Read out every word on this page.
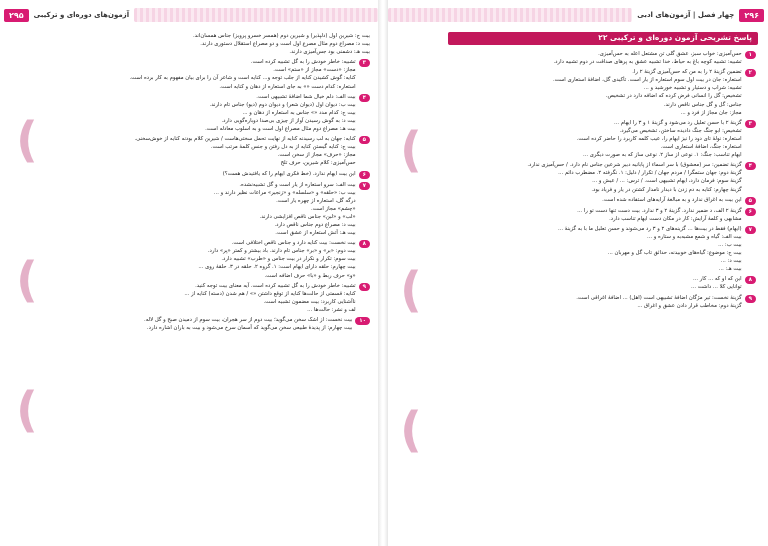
۲۹۵	آزمون‌های دوره‌ای و ترکیبی
(
(
(
بیت ج: شیرین اول (دلپذیر) و شیرین دوم (همسر خسرو پرویز) جناس همسان‌اند.
بیت د: مصراع دوم مثال مصرع اول است و دو مصراع استقلال دستوری دارند.
بیت هـ: دشمنی بود جس‌آمیزی دارند.
۳
تشبیه: خاطر خودش را به گل تشبیه کرده است.
مجاز: «دست» مجاز از «ستم» است.
کنایه: گوش کشیدن کنایه از جلب توجه و... کنایه است و شاعر آن را برای بیان مفهوم به کار برده است.
استعاره: کدام دست «» به جای استعاره از دهان و کنایه است.
۴
بیت الف: دلم خیال شما اضافهٔ تشبیهی است.
بیت ب: دیوان اول (دیوان شعر) و دیوان دوم (دیو) جناس تام دارند.
بیت ج: کدام مدد «» جناس به استعاره از دهان و ...
بیت د: به گوش رسیدن آواز از چیزی بی‌صدا دوباره‌گویی دارد.
بیت هـ: مصراع دوم مثال مصراع اول است و به اسلوب معادله است.
۵
کنایه: جهان به لب رسیدنه کنایه از نهایت تحمل سختی‌هاست / شیرین کلام بودنه کنایه از خوش‌سخنی.
بیت ج: کنایه گیستن کنایه از به دل رفتن و جنس کلمهٔ مرتب است.
مجاز: «حرف» مجاز از سخن است.
حس‌آمیزی: کلام شیرین، حرف تلخ
۶
این بیت ایهام ندارد. (خط فکری ایهام را که یافتیدش هست؟)
۷
بیت الف: سرو استعاره از یار است و گل تشبیه‌نشده.
بیت ب: «حلقه» و «سلسله» و «زنجیر» مراعات نظیر دارند و ...
درگه گل، استعاره از چهره یار است.
«چشم» مجاز است.
«لب» و «لبن» جناس ناقص افزایشی دارند.
بیت د: مصراع دوم جناس ناقص دارد.
بیت هـ: آتش استعاره از عشق است.
۸
بیت نخست: بیت کنایه دارد و جناس ناقص اختلافی است.
بیت دوم: «بر» و «بر» جناس تام دارند. باد بیشتر و کمتر «پر» دارد.
بیت سوم: تکرار و نکرار در بیت جناس و «طرب» تشبیه دارد.
بیت چهارم: حلقه دارای ایهام است: ۱. گروه ۲. حلقه در ۳. حلقهٔ روی ...
«و» حرف ربط و «با» حرف اضافه است.
۹
تشبیه: خاطر خودش را به گل تشبیه کرده است. آیه معنای بیت توجه کنید.
کنایه: قسمتی از حالت‌ها کنایه از توقع داشتن «» / هم شدن (دسته) کنایه از ...
ناآشنایی کاربرد: بیت مضمون تشبیه است.
لف و نشر: حالت‌ها ...
۱۰
بیت نخست: از اشک سخن می‌گوید؛ بیت دوم از سر هجران، بیت سوم از دمیدن صبح و گل لاله.
بیت چهارم: از پدیدهٔ طبیعی سخن می‌گوید که آسمان سرخ می‌شود و بیت به باران اشاره دارد.
چهار فصل | آزمون‌های ادبی	۲۹۶
پاسخ تشریحی آزمون دوره‌ای و ترکیبی ۲۲
(
(
(
۱
حس‌آمیزی: خواب سبز، عشق گلی تن مشتعل اعله به حس‌آمیزی.
تشبیه: تشبیه کوچه باغ به حیاط، خدا تشبیه عشق به پرهای صداقت در دوم تشبیه دارد.
۲
تضمین گزینهٔ ۲ را به من که حس‌آمیزی گزینهٔ ۲ را.
استعاره: جان در بیت اول سوم استعاره از یار است. تأکیدی گل، اضافهٔ استعاری است.
تشبیه: شراب و دستیار و تشبیه خورشید و ...
تشخیص: گل را انسانی فرض کرده که اضافه دارد در تشخیص.
جناس: گل و گل جناس ناقص دارند.
مجاز: جان مجاز از فرد و ...
۳
گزینهٔ ۲ با حسن تعلیل رد می‌شود و گزینهٔ ۱ و ۳ را ایهام ...
تشخیص: ابو جنگ جنگ دادیده ساختن، تشخیص می‌گیرد.
استعاره: نولهٔ تای دود را نیز ایهام را، عیب کلمه کاربرد را حاضر کرده است.
استعاره: جنگ، اضافهٔ استعاری است.
ایهام تناسب: جنگ: ۱. نوعی از ساز ۲. نوعی ساز که به صورت دیگری ...
۴
گزینهٔ تضمین: سر (معشوق) با سر اسماء از پابانیه دبیر شرعین جناس نام دارد. / حس‌آمیزی ندارد.
گزینهٔ دوم: جهان ستمگرا / مردم جهان / تکرار / دلیل: ۱. نگرفته ۲. مضطرب دائم ...
گزینهٔ سوم: فرمان دارد، ایهام تشبیهی است. / ترس: ... / عیش و ...
گزینهٔ چهارم: کنایه به دم زدن با دیدار نامدار کشتن در یار و فریاد بود.
۵
این بیت به اغراق ندارد و به مبالغهٔ آرایه‌های استفاده شده است.
۶
گزینهٔ ۲ الف، د ضمیر ندارد. گزینهٔ ۲ و ۳ ندارد. بیت دست تنها دست تو را ...
مشابهی و کلمهٔ آرایش: کار در مکان دست ایهام تناسب دارد.
۷
(ایهام) فقط در بیت‌ها ... گزینه‌های ۲ و ۳ رد می‌شوند و حسن تعلیل ما با به گزینهٔ ...
بیت الف: گیاه و شمع مشبه‌به و ستاره و ...
بیت ب: ...
بیت ج: موضوع: گیاه‌های خوبیدنه، حدائق تاب گل و مهربان ...
بیت د: ...
بیت هـ: ...
۸
این که او که ... کار ...
توانایی کلا ... داشت ...
۹
گزینهٔ نخست: تیر مژگان اضافهٔ تشبیهی است (اهل) ... اضافهٔ اغراقی است.
گزینهٔ دوم: مخاطب قرار دادن عشق و اغراق ...
